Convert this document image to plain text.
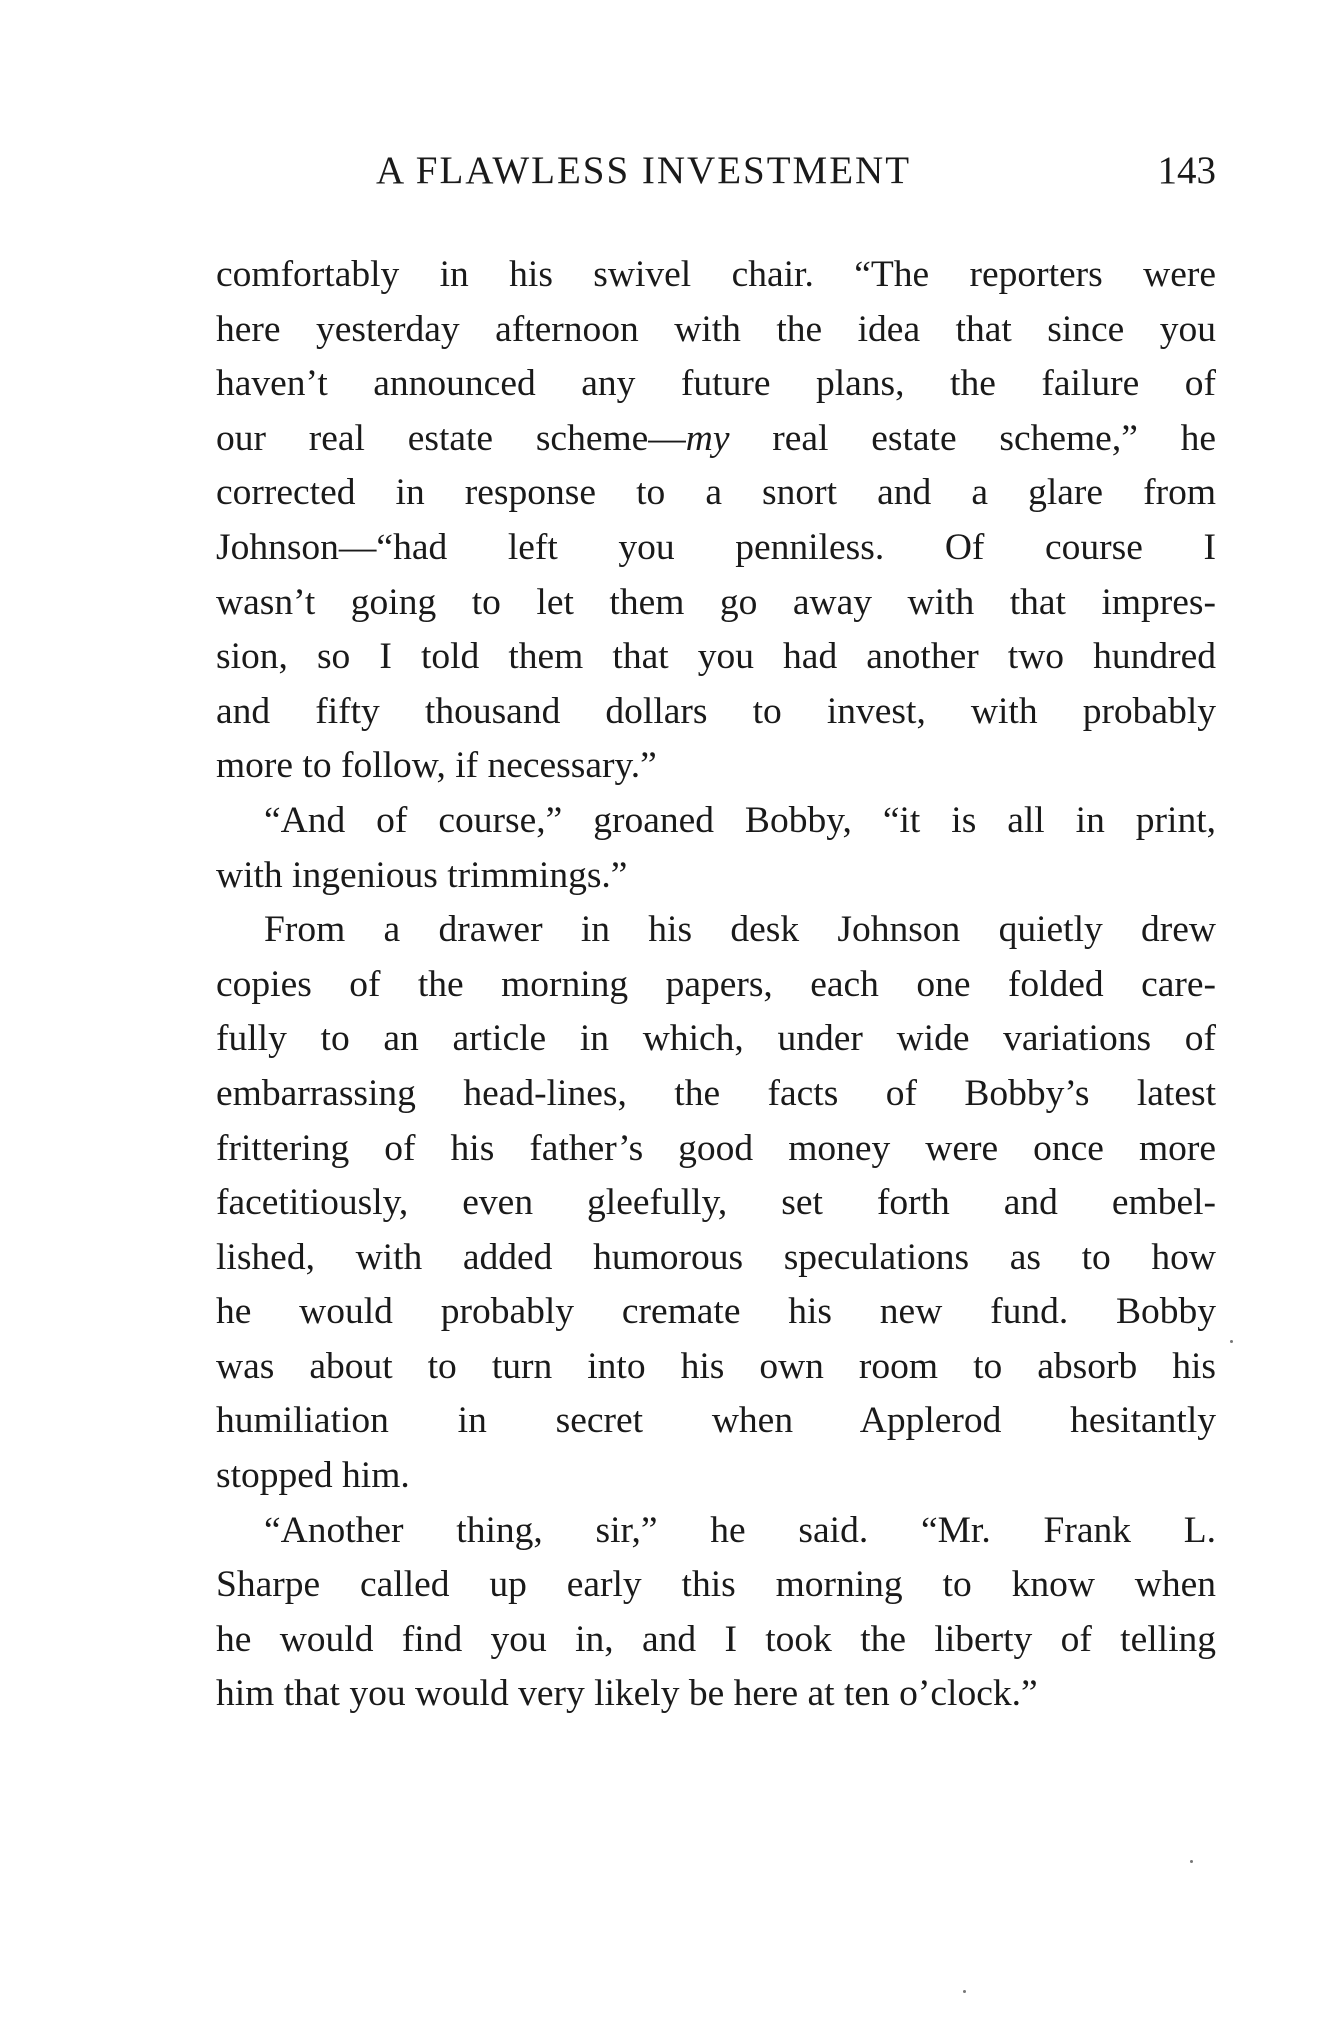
A FLAWLESS INVESTMENT	143

comfortably in his swivel chair. “The reporters were
here yesterday afternoon with the idea that since you
haven’t announced any future plans, the failure of
our real estate scheme—my real estate scheme,” he
corrected in response to a snort and a glare from
Johnson—“had left you penniless. Of course I
wasn’t going to let them go away with that impres-
sion, so I told them that you had another two hundred
and fifty thousand dollars to invest, with probably
more to follow, if necessary.”

“And of course,” groaned Bobby, “it is all in print,
with ingenious trimmings.”

From a drawer in his desk Johnson quietly drew
copies of the morning papers, each one folded care-
fully to an article in which, under wide variations of
embarrassing head-lines, the facts of Bobby’s latest
frittering of his father’s good money were once more
facetitiously, even gleefully, set forth and embel-
lished, with added humorous speculations as to how
he would probably cremate his new fund. Bobby
was about to turn into his own room to absorb his
humiliation in secret when Applerod hesitantly
stopped him.

“Another thing, sir,” he said. “Mr. Frank L.
Sharpe called up early this morning to know when
he would find you in, and I took the liberty of telling
him that you would very likely be here at ten o’clock.”
